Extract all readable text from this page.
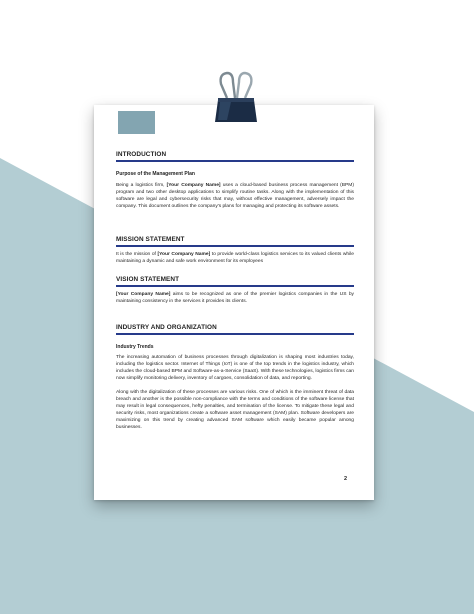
INTRODUCTION
Purpose of the Management Plan

Being a logistics firm, [Your Company Name] uses a cloud-based business process management (BPM) program and two other desktop applications to simplify routine tasks. Along with the implementation of this software are legal and cybersecurity risks that may, without effective management, adversely impact the company. This document outlines the company's plans for managing and protecting its software assets.

MISSION STATEMENT

It is the mission of [Your Company Name] to provide world-class logistics services to its valued clients while maintaining a dynamic and safe work environment for its employees

VISION STATEMENT

[Your Company Name] aims to be recognized as one of the premier logistics companies in the US by maintaining consistency in the services it provides its clients.

INDUSTRY AND ORGANIZATION
Industry Trends

The increasing automation of business processes through digitalization is shaping most industries today, including the logistics sector. Internet of Things (IoT) is one of the top trends in the logistics industry, which includes the cloud-based BPM and Software-as-a-Service (SaaS). With these technologies, logistics firms can now simplify monitoring delivery, inventory of cargoes, consolidation of data, and reporting.

Along with the digitalization of these processes are various risks. One of which is the imminent threat of data breach and another is the possible non-compliance with the terms and conditions of the software license that may result in legal consequences, hefty penalties, and termination of the license. To mitigate these legal and security risks, most organizations create a software asset management (SAM) plan. Software developers are maximizing on this trend by creating advanced SAM software which easily became popular among businesses.

2
